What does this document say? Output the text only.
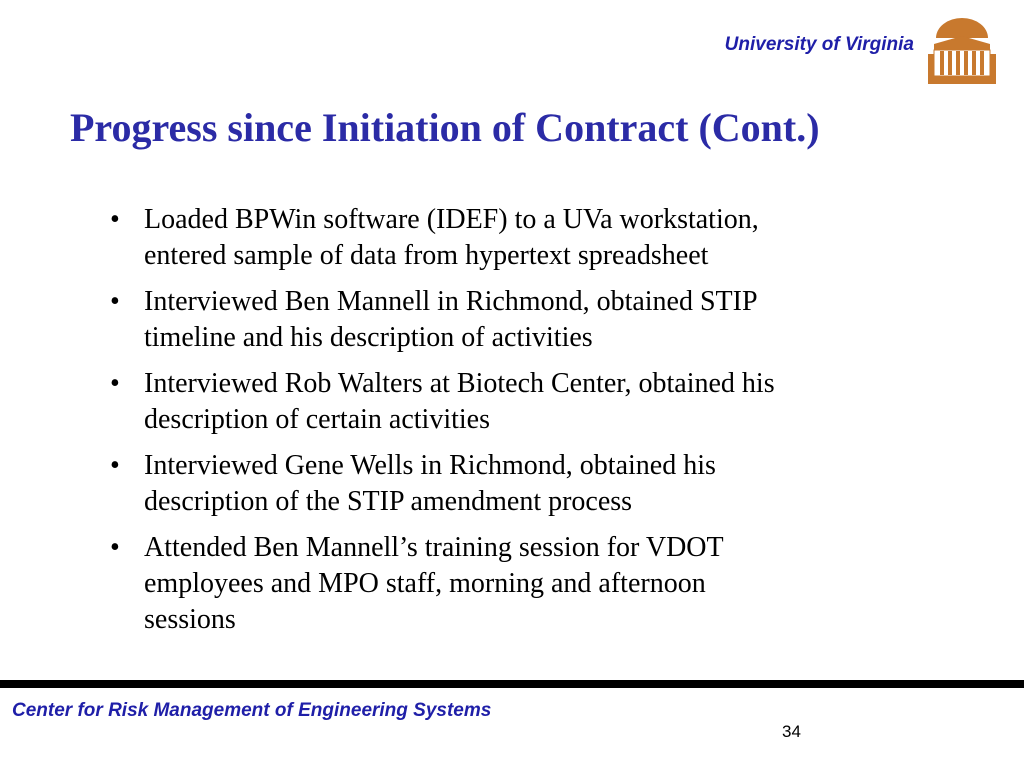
University of Virginia
Progress since Initiation of Contract (Cont.)
• Loaded BPWin software (IDEF) to a UVa workstation,
entered sample of data from hypertext spreadsheet
• Interviewed Ben Mannell in Richmond, obtained STIP
timeline and his description of activities
• Interviewed Rob Walters at Biotech Center, obtained his
description of certain activities
• Interviewed Gene Wells in Richmond, obtained his
description of the STIP amendment process
• Attended Ben Mannell’s training session for VDOT
employees and MPO staff, morning and afternoon
sessions
Center for Risk Management of Engineering Systems
34
